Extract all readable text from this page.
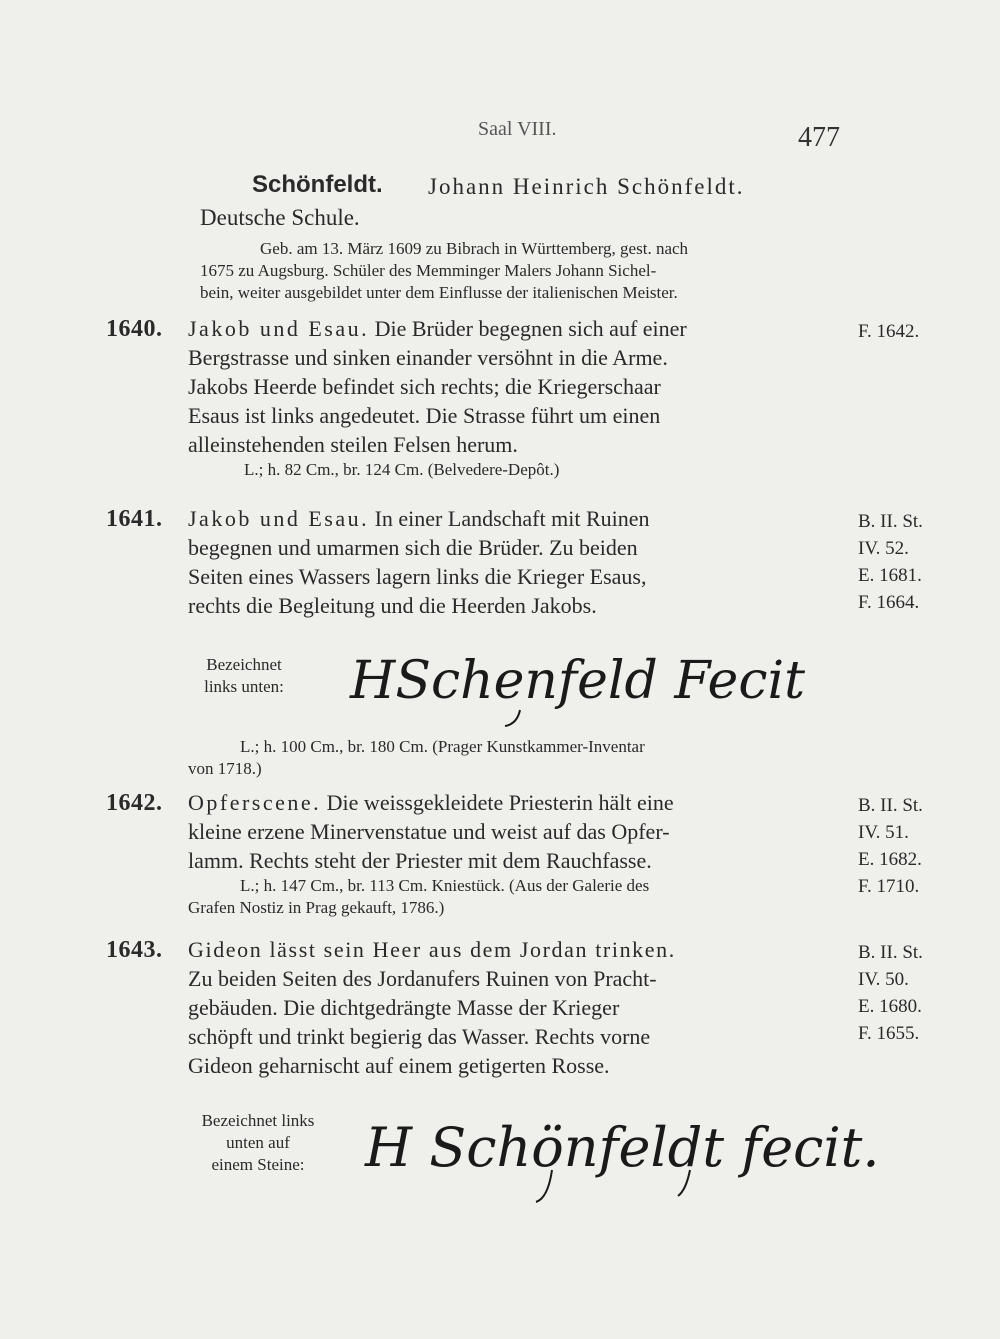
Saal VIII.	477
Schönfeldt. Johann Heinrich Schönfeldt.
Deutsche Schule.
Geb. am 13. März 1609 zu Bibrach in Württemberg, gest. nach
1675 zu Augsburg. Schüler des Memminger Malers Johann Sichel-
bein, weiter ausgebildet unter dem Einflusse der italienischen Meister.
1640. Jakob und Esau. Die Brüder begegnen sich auf einer
Bergstrasse und sinken einander versöhnt in die Arme.
Jakobs Heerde befindet sich rechts; die Kriegerschaar
Esaus ist links angedeutet. Die Strasse führt um einen
alleinstehenden steilen Felsen herum.
L.; h. 82 Cm., br. 124 Cm. (Belvedere-Depôt.)
F. 1642.
1641. Jakob und Esau. In einer Landschaft mit Ruinen
begegnen und umarmen sich die Brüder. Zu beiden
Seiten eines Wassers lagern links die Krieger Esaus,
rechts die Begleitung und die Heerden Jakobs.
B. II. St.
IV. 52.
E. 1681.
F. 1664.
Bezeichnet
links unten:	HSchenfeld Fecit
L.; h. 100 Cm., br. 180 Cm. (Prager Kunstkammer-Inventar
von 1718.)
1642. Opferscene. Die weissgekleidete Priesterin hält eine
kleine erzene Minervenstatue und weist auf das Opfer-
lamm. Rechts steht der Priester mit dem Rauchfasse.
L.; h. 147 Cm., br. 113 Cm. Kniestück. (Aus der Galerie des
Grafen Nostiz in Prag gekauft, 1786.)
B. II. St.
IV. 51.
E. 1682.
F. 1710.
1643. Gideon lässt sein Heer aus dem Jordan trinken.
Zu beiden Seiten des Jordanufers Ruinen von Pracht-
gebäuden. Die dichtgedrängte Masse der Krieger
schöpft und trinkt begierig das Wasser. Rechts vorne
Gideon geharnischt auf einem getigerten Rosse.
B. II. St.
IV. 50.
E. 1680.
F. 1655.
Bezeichnet links
unten auf
einem Steine:	H Schönfeldt fecit.
